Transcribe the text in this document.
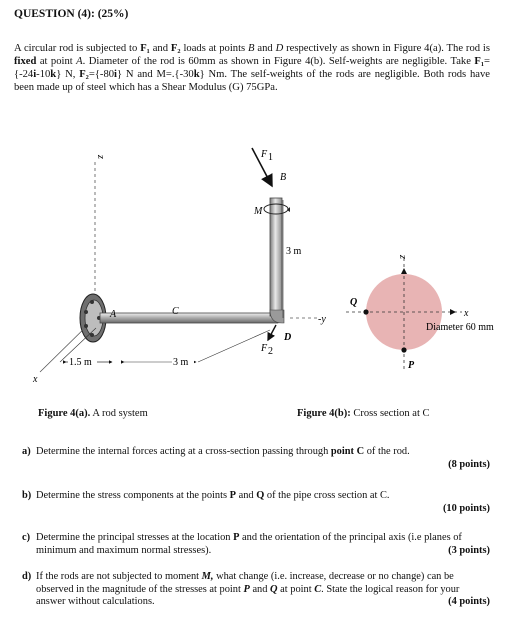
QUESTION (4): (25%)
A circular rod is subjected to F₁ and F₂ loads at points B and D respectively as shown in Figure 4(a). The rod is fixed at point A. Diameter of the rod is 60mm as shown in Figure 4(b). Self-weights are negligible. Take F₁={-24i-10k} N, F₂={-80i} N and M=.{-30k} Nm. The self-weights of the rods are negligible. Both rods have been made up of steel which has a Shear Modulus (G) 75GPa.
z
x
-y
M
F 1
B
F 2
D
3 m
A	C
1.5 m	3 m
z
x
Q
P
Diameter 60 mm
Figure 4(a). A rod system	Figure 4(b): Cross section at C
a) Determine the internal forces acting at a cross-section passing through point C of the rod.

(8 points)
b) Determine the stress components at the points P and Q of the pipe cross section at C.

(10 points)
c) Determine the principal stresses at the location P and the orientation of the principal axis (i.e planes of minimum and maximum normal stresses).	(3 points)
d) If the rods are not subjected to moment M, what change (i.e. increase, decrease or no change) can be observed in the magnitude of the stresses at point P and Q at point C. State the logical reason for your answer without calculations.	(4 points)
